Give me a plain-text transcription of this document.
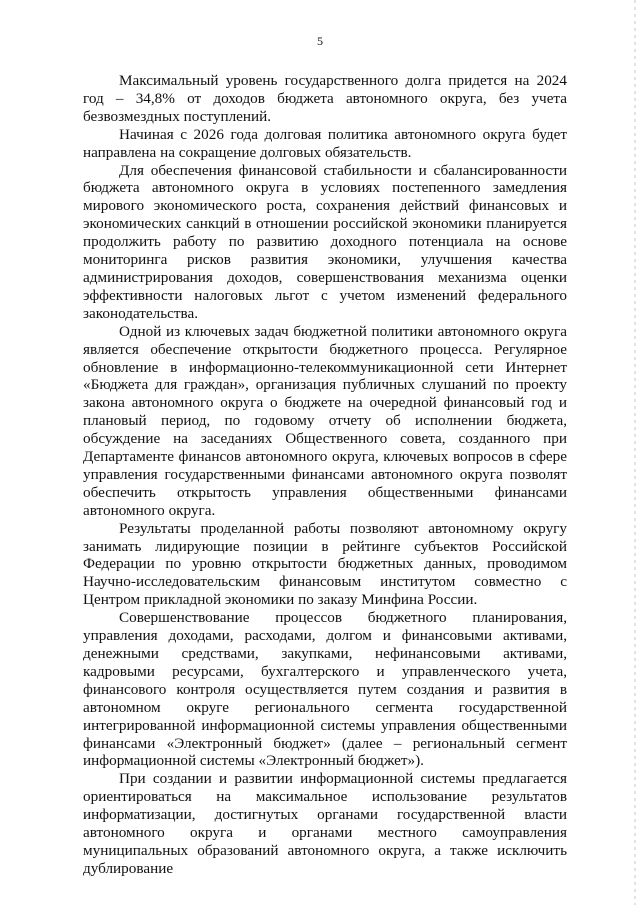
5

Максимальный уровень государственного долга придется на 2024 год – 34,8% от доходов бюджета автономного округа, без учета безвозмездных поступлений.

Начиная с 2026 года долговая политика автономного округа будет направлена на сокращение долговых обязательств.

Для обеспечения финансовой стабильности и сбалансированности бюджета автономного округа в условиях постепенного замедления мирового экономического роста, сохранения действий финансовых и экономических санкций в отношении российской экономики планируется продолжить работу по развитию доходного потенциала на основе мониторинга рисков развития экономики, улучшения качества администрирования доходов, совершенствования механизма оценки эффективности налоговых льгот с учетом изменений федерального законодательства.

Одной из ключевых задач бюджетной политики автономного округа является обеспечение открытости бюджетного процесса. Регулярное обновление в информационно-телекоммуникационной сети Интернет «Бюджета для граждан», организация публичных слушаний по проекту закона автономного округа о бюджете на очередной финансовый год и плановый период, по годовому отчету об исполнении бюджета, обсуждение на заседаниях Общественного совета, созданного при Департаменте финансов автономного округа, ключевых вопросов в сфере управления государственными финансами автономного округа позволят обеспечить открытость управления общественными финансами автономного округа.

Результаты проделанной работы позволяют автономному округу занимать лидирующие позиции в рейтинге субъектов Российской Федерации по уровню открытости бюджетных данных, проводимом Научно-исследовательским финансовым институтом совместно с Центром прикладной экономики по заказу Минфина России.

Совершенствование процессов бюджетного планирования, управления доходами, расходами, долгом и финансовыми активами, денежными средствами, закупками, нефинансовыми активами, кадровыми ресурсами, бухгалтерского и управленческого учета, финансового контроля осуществляется путем создания и развития в автономном округе регионального сегмента государственной интегрированной информационной системы управления общественными финансами «Электронный бюджет» (далее – региональный сегмент информационной системы «Электронный бюджет»).

При создании и развитии информационной системы предлагается ориентироваться на максимальное использование результатов информатизации, достигнутых органами государственной власти автономного округа и органами местного самоуправления муниципальных образований автономного округа, а также исключить дублирование
